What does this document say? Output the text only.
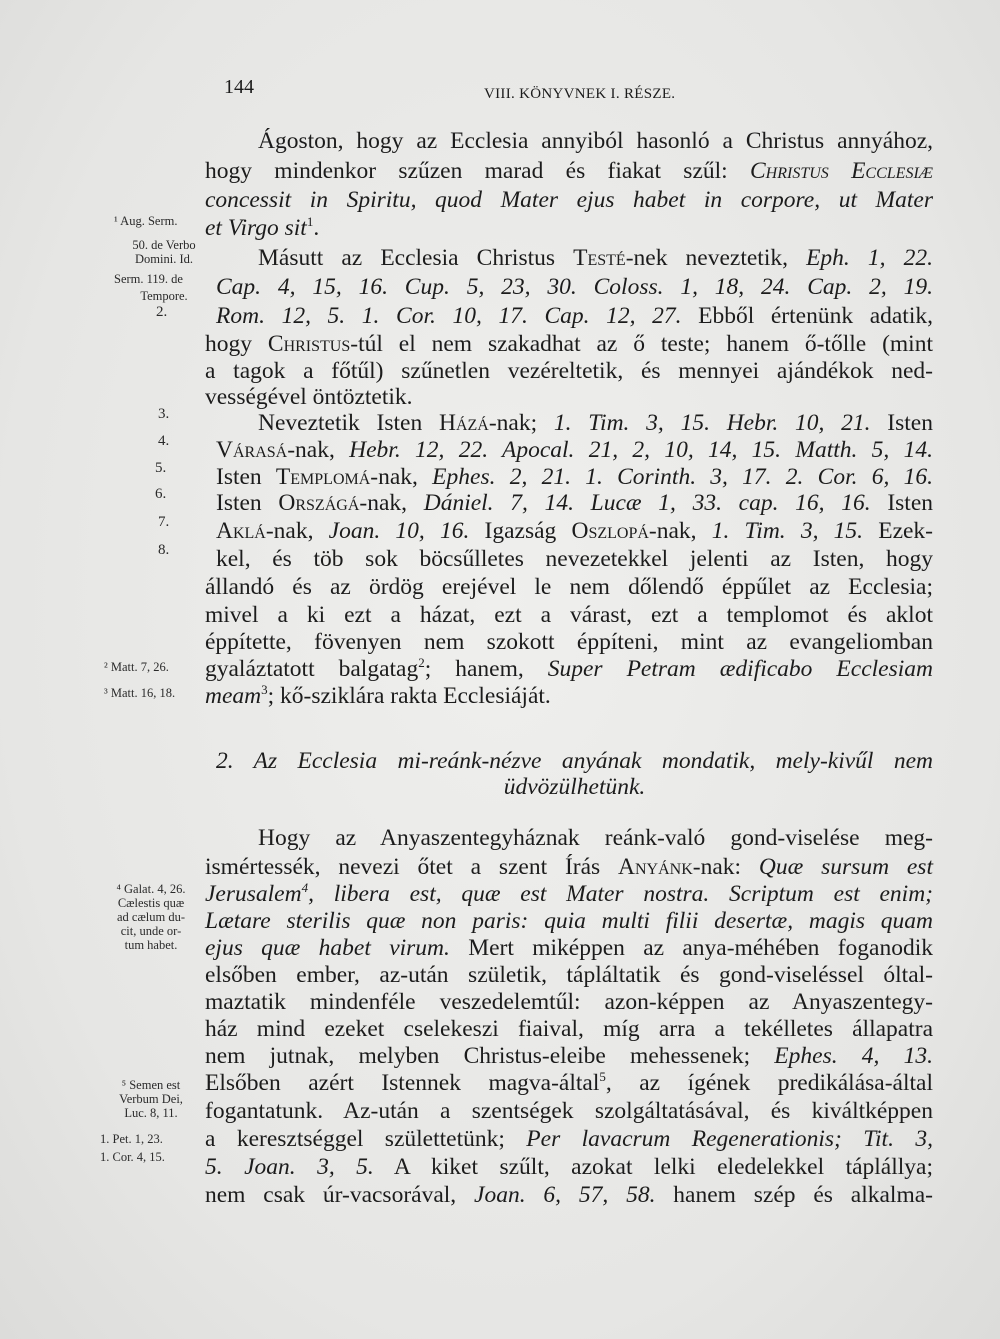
144	VIII. KÖNYVNEK I. RÉSZE.
Ágoston, hogy az Ecclesia annyiból hasonló a Christus annyához,
hogy mindenkor szűzen marad és fiakat szűl: Christus Ecclesiæ
concessit in Spiritu, quod Mater ejus habet in corpore, ut Mater
et Virgo sit$^1$.
Másutt az Ecclesia Christus Testé-nek neveztetik, Eph. 1, 22.
Cap. 4, 15, 16. Cup. 5, 23, 30. Coloss. 1, 18, 24. Cap. 2, 19.
Rom. 12, 5. 1. Cor. 10, 17. Cap. 12, 27. Ebből értenünk adatik,
hogy Christus-túl el nem szakadhat az ő teste; hanem ő-tőlle (mint
a tagok a főtűl) szűnetlen vezéreltetik, és mennyei ajándékok ned-
vességével öntöztetik.
Neveztetik Isten Házá-nak; 1. Tim. 3, 15. Hebr. 10, 21. Isten
Várasá-nak, Hebr. 12, 22. Apocal. 21, 2, 10, 14, 15. Matth. 5, 14.
Isten Templomá-nak, Ephes. 2, 21. 1. Corinth. 3, 17. 2. Cor. 6, 16.
Isten Országá-nak, Dániel. 7, 14. Lucæ 1, 33. cap. 16, 16. Isten
Aklá-nak, Joan. 10, 16. Igazság Oszlopá-nak, 1. Tim. 3, 15. Ezek-
kel, és töb sok böcsűlletes nevezetekkel jelenti az Isten, hogy
állandó és az ördög erejével le nem dőlendő éppűlet az Ecclesia;
mivel a ki ezt a házat, ezt a várast, ezt a templomot és aklot
éppítette, fövenyen nem szokott éppíteni, mint az evangeliomban
gyaláztatott balgatag$^2$; hanem, Super Petram ædificabo Ecclesiam
meam$^3$; kő-sziklára rakta Ecclesiáját.
2. Az Ecclesia mi-reánk-nézve anyának mondatik, mely-kivűl nem
üdvözülhetünk.
Hogy az Anyaszentegyháznak reánk-való gond-viselése meg-
ismértessék, nevezi őtet a szent Írás Anyánk-nak: Quæ sursum est
Jerusalem$^4$, libera est, quæ est Mater nostra. Scriptum est enim;
Lætare sterilis quæ non paris: quia multi filii desertæ, magis quam
ejus quæ habet virum. Mert miképpen az anya-méhében foganodik
elsőben ember, az-után születik, tápláltatik és gond-viseléssel óltal-
maztatik mindenféle veszedelemtűl: azon-képpen az Anyaszentegy-
ház mind ezeket cselekeszi fiaival, míg arra a tekélletes állapatra
nem jutnak, melyben Christus-eleibe mehessenek; Ephes. 4, 13.
Elsőben azért Istennek magva-által$^5$, az ígének predikálása-által
fogantatunk. Az-után a szentségek szolgáltatásával, és kiváltképpen
a keresztséggel születtetünk; Per lavacrum Regenerationis; Tit. 3,
5. Joan. 3, 5. A kiket szűlt, azokat lelki eledelekkel táplállya;
nem csak úr-vacsorával, Joan. 6, 57, 58. hanem szép és alkalma-
¹ Aug. Serm.
50. de Verbo
Domini. Id.
Serm. 119. de
Tempore.
2.
3.
4.
5.
6.
7.
8.
² Matt. 7, 26.
³ Matt. 16, 18.
⁴ Galat. 4, 26.
Cælestis quæ
ad cælum du-
cit, unde or-
tum habet.
⁵ Semen est
Verbum Dei,
Luc. 8, 11.
1. Pet. 1, 23.
1. Cor. 4, 15.
